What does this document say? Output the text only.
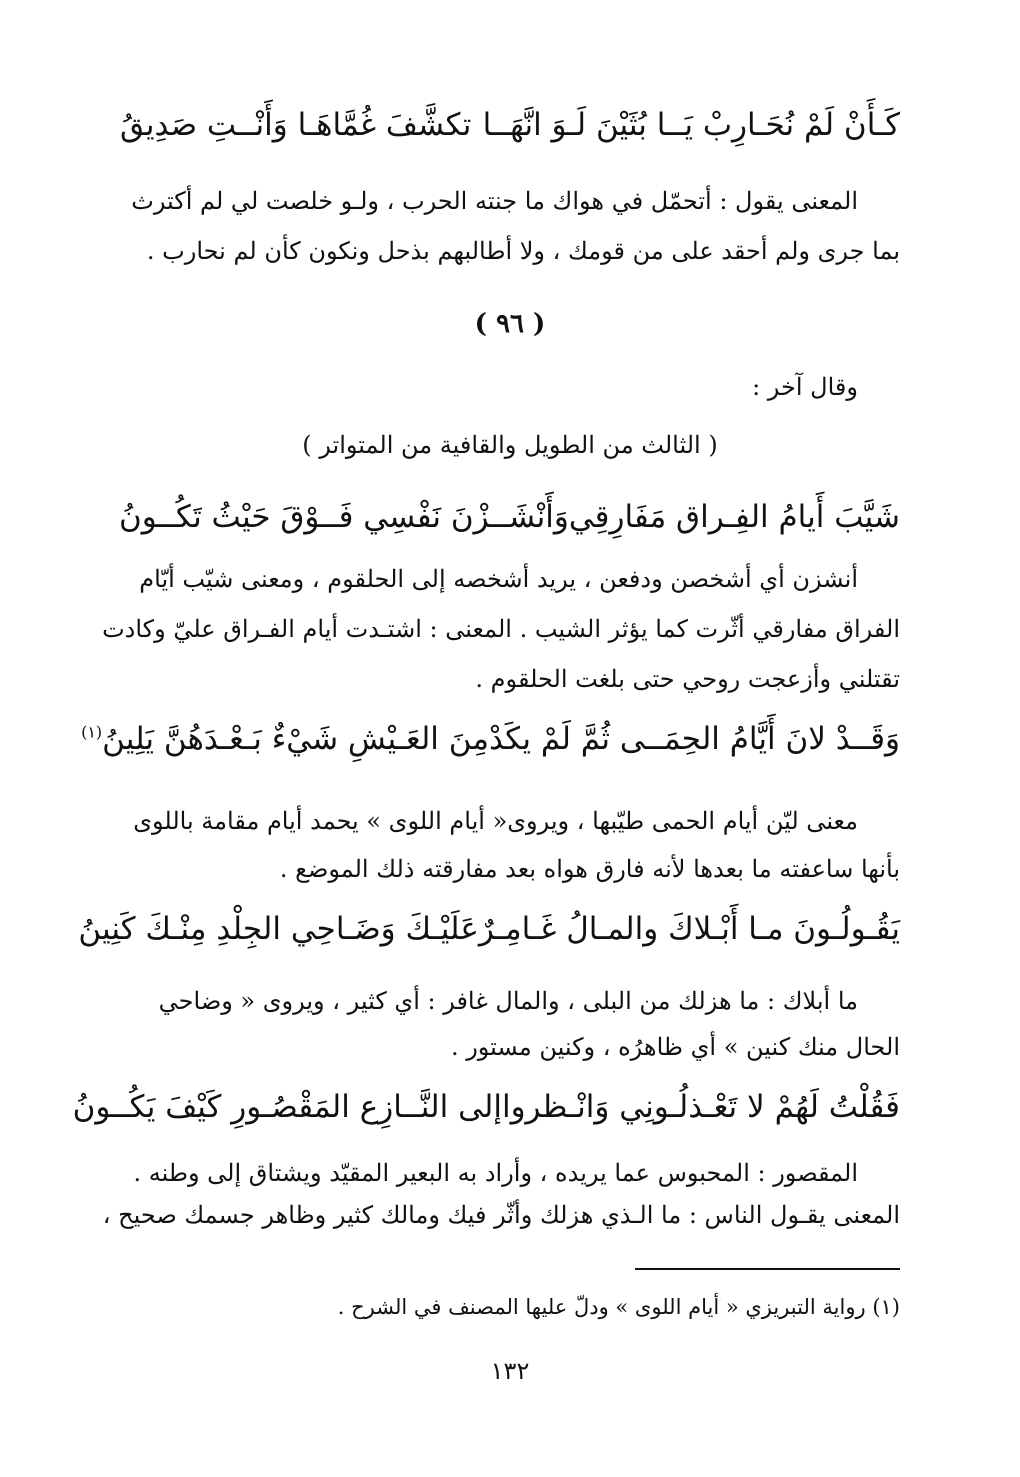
كَـأَنْ لَمْ نُحَـارِبْ يَــا بُثَيْنَ لَـوَ انَّهَــا
تكشَّفَ غُمَّاهَـا وَأَنْــتِ صَدِيقُ
المعنى يقول : أتحمّل في هواك ما جنته الحرب ، ولـو خلصت لي لم أكترث
بما جرى ولم أحقد على من قومك ، ولا أطالبهم بذحل ونكون كأن لم نحارب .
( ٩٦ )
وقال آخر :
( الثالث من الطويل والقافية من المتواتر )
شَيَّبَ أَيامُ الفِـراق مَفَارِقِي
وَأَنْشَــزْنَ نَفْسِي فَــوْقَ حَيْثُ تَكُــونُ
أنشزن أي أشخصن ودفعن ، يريد أشخصه إلى الحلقوم ، ومعنى شيّب أيّام
الفراق مفارقي أثّرت كما يؤثر الشيب . المعنى : اشتـدت أيام الفـراق عليّ وكادت
تقتلني وأزعجت روحي حتى بلغت الحلقوم .
وَقَــدْ لانَ أَيَّامُ الحِمَــى ثُمَّ لَمْ يكَدْ
مِنَ العَـيْشِ شَيْءٌ بَـعْـدَهُنَّ يَلِينُ$^{(١)}$
معنى ليّن أيام الحمى طيّبها ، ويروى« أيام اللوى » يحمد أيام مقامة باللوى
بأنها ساعفته ما بعدها لأنه فارق هواه بعد مفارقته ذلك الموضع .
يَقُـولُـونَ مـا أَبْـلاكَ والمـالُ غَـامِـرٌ
عَلَيْـكَ وَضَـاحِي الجِلْدِ مِنْـكَ كَنِينُ
ما أبلاك : ما هزلك من البلى ، والمال غافر : أي كثير ، ويروى « وضاحي
الحال منك كنين » أي ظاهرُه ، وكنين مستور .
فَقُلْتُ لَهُمْ لا تَعْـذلُـونِي وَانْـظروا
إلى النَّــازِع المَقْصُـورِ كَيْفَ يَكُــونُ
المقصور : المحبوس عما يريده ، وأراد به البعير المقيّد ويشتاق إلى وطنه .
المعنى يقـول الناس : ما الـذي هزلك وأثّر فيك ومالك كثير وظاهر جسمك صحيح ،
(١) رواية التبريزي « أيام اللوى » ودلّ عليها المصنف في الشرح .
١٣٢
